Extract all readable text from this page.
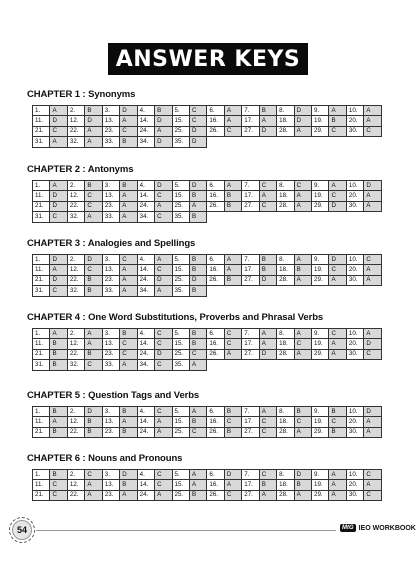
ANSWER KEYS
CHAPTER 1 : Synonyms
1.	A	2.	B	3.	D	4.	B	5.	C	6.	A	7.	B	8.	D	9.	A	10.	A
11.	D	12.	D	13.	A	14.	D	15.	C	16.	A	17.	A	18.	D	19.	B	20.	A
21.	C	22.	A	23.	C	24.	A	25.	D	26.	C	27.	D	28.	A	29.	C	30.	C
31.	A	32.	A	33.	B	34.	D	35.	D										
CHAPTER 2 : Antonyms
1.	A	2.	B	3.	B	4.	D	5.	D	6.	A	7.	C	8.	C	9.	A	10.	D
11.	D	12.	C	13.	A	14.	C	15.	B	16.	B	17.	A	18.	A	19.	C	20.	A
21.	D	22.	C	23.	A	24.	A	25.	A	26.	B	27.	C	28.	A	29.	D	30.	A
31.	C	32.	A	33.	A	34.	C	35.	B										
CHAPTER 3 : Analogies and Spellings
1.	D	2.	D	3.	C	4.	A	5.	B	6.	A	7.	B	8.	A	9.	D	10.	C
11.	A	12.	C	13.	A	14.	C	15.	B	16.	A	17.	B	18.	B	19.	C	20.	A
21.	D	22.	B	23.	A	24.	D	25.	D	26.	B	27.	D	28.	A	29.	A	30.	A
31.	C	32.	B	33.	A	34.	A	35.	B										
CHAPTER 4 : One Word Substitutions, Proverbs and Phrasal Verbs
1.	A	2.	A	3.	B	4.	C	5.	B	6.	C	7.	A	8.	A	9.	C	10.	A
11.	B	12.	A	13.	C	14.	C	15.	B	16.	C	17.	A	18.	C	19.	A	20.	D
21.	B	22.	B	23.	C	24.	D	25.	C	26.	A	27.	D	28.	A	29.	A	30.	C
31.	B	32.	C	33.	A	34.	C	35.	A										
CHAPTER 5 : Question Tags and Verbs
1.	B	2.	D	3.	B	4.	C	5.	A	6.	B	7.	A	8.	B	9.	B	10.	D
11.	A	12.	B	13.	A	14.	A	15.	B	16.	C	17.	C	18.	C	19.	C	20.	A
21.	B	22.	B	23.	B	24.	A	25.	C	26.	B	27.	C	28.	A	29.	B	30.	A
CHAPTER 6 : Nouns and Pronouns
1.	B	2.	C	3.	D	4.	C	5.	A	6.	D	7.	C	8.	D	9.	A	10.	C
11.	C	12.	A	13.	B	14.	C	15.	A	16.	A	17.	B	18.	B	19.	A	20.	A
21.	C	22.	A	23.	A	24.	A	25.	B	26.	C	27.	A	28.	A	29.	A	30.	C
54	MtG IEO WORKBOOK
